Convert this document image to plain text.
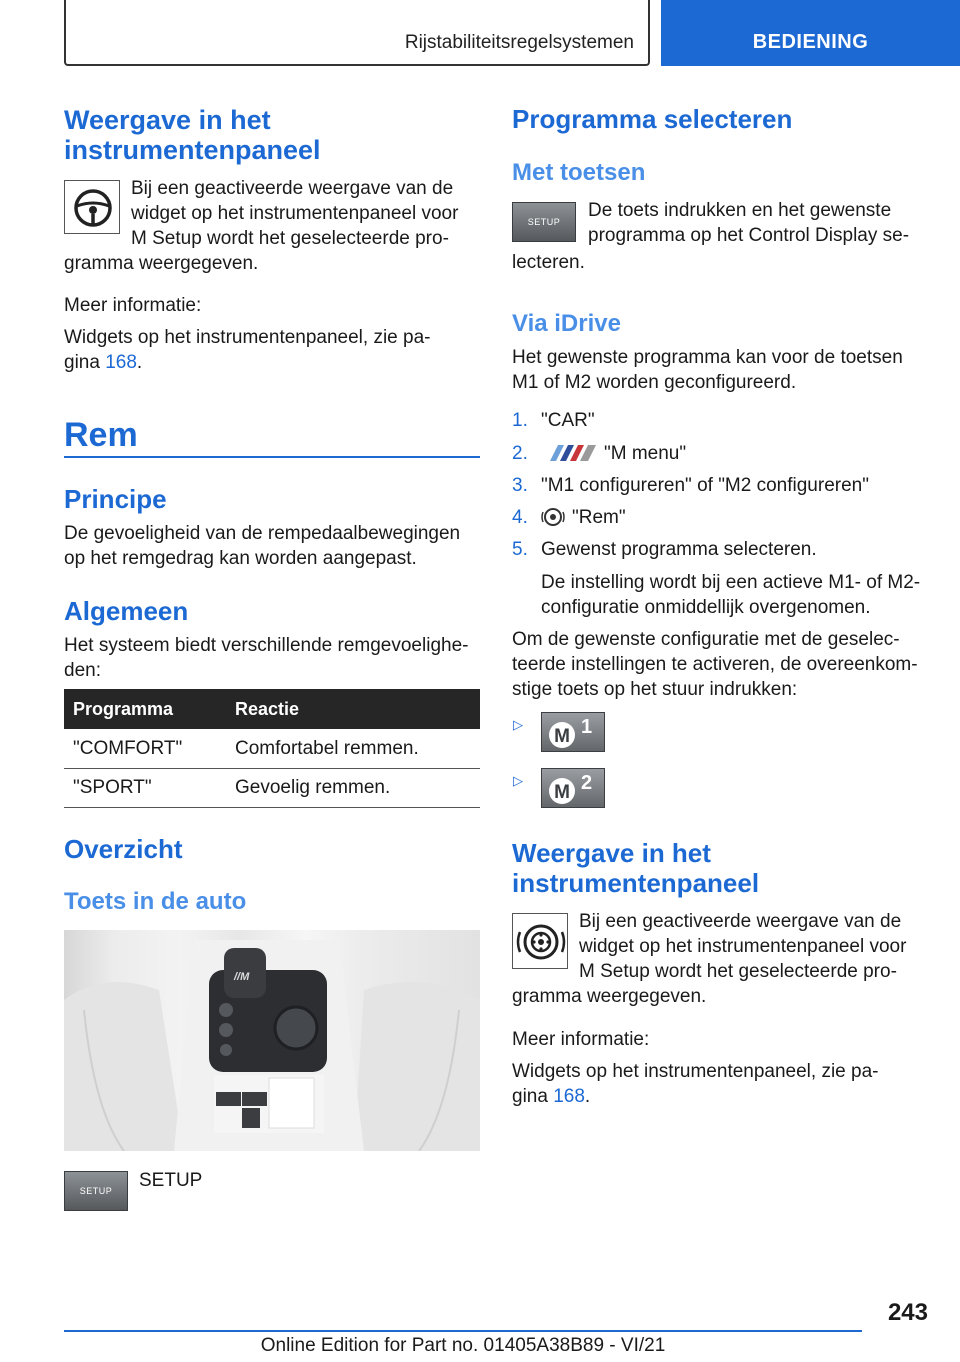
Rijstabiliteitsregelsystemen	BEDIENING
Weergave in het
instrumentenpaneel
Bij een geactiveerde weergave van de
widget op het instrumentenpaneel voor
M Setup wordt het geselecteerde pro-
gramma weergegeven.
Meer informatie:
Widgets op het instrumentenpaneel, zie pa-
gina 168.
Rem
Principe
De gevoeligheid van de rempedaalbewegingen
op het remgedrag kan worden aangepast.
Algemeen
Het systeem biedt verschillende remgevoelighe-
den:
Programma	Reactie
"COMFORT"	Comfortabel remmen.
"SPORT"	Gevoelig remmen.
Overzicht
Toets in de auto
//M
SETUP	SETUP
Programma selecteren
Met toetsen
SETUP
De toets indrukken en het gewenste
programma op het Control Display se-
lecteren.
Via iDrive
Het gewenste programma kan voor de toetsen
M1 of M2 worden geconfigureerd.
1. "CAR"
2.	"M menu"
3. "M1 configureren" of "M2 configureren"
4.	"Rem"
5. Gewenst programma selecteren.
De instelling wordt bij een actieve M1- of M2-
configuratie onmiddellijk overgenomen.
Om de gewenste configuratie met de geselec-
teerde instellingen te activeren, de overeenkom-
stige toets op het stuur indrukken:
▷
M 1
▷
M 2
Weergave in het
instrumentenpaneel
Bij een geactiveerde weergave van de
widget op het instrumentenpaneel voor
M Setup wordt het geselecteerde pro-
gramma weergegeven.
Meer informatie:
Widgets op het instrumentenpaneel, zie pa-
gina 168.
243
Online Edition for Part no. 01405A38B89 - VI/21
